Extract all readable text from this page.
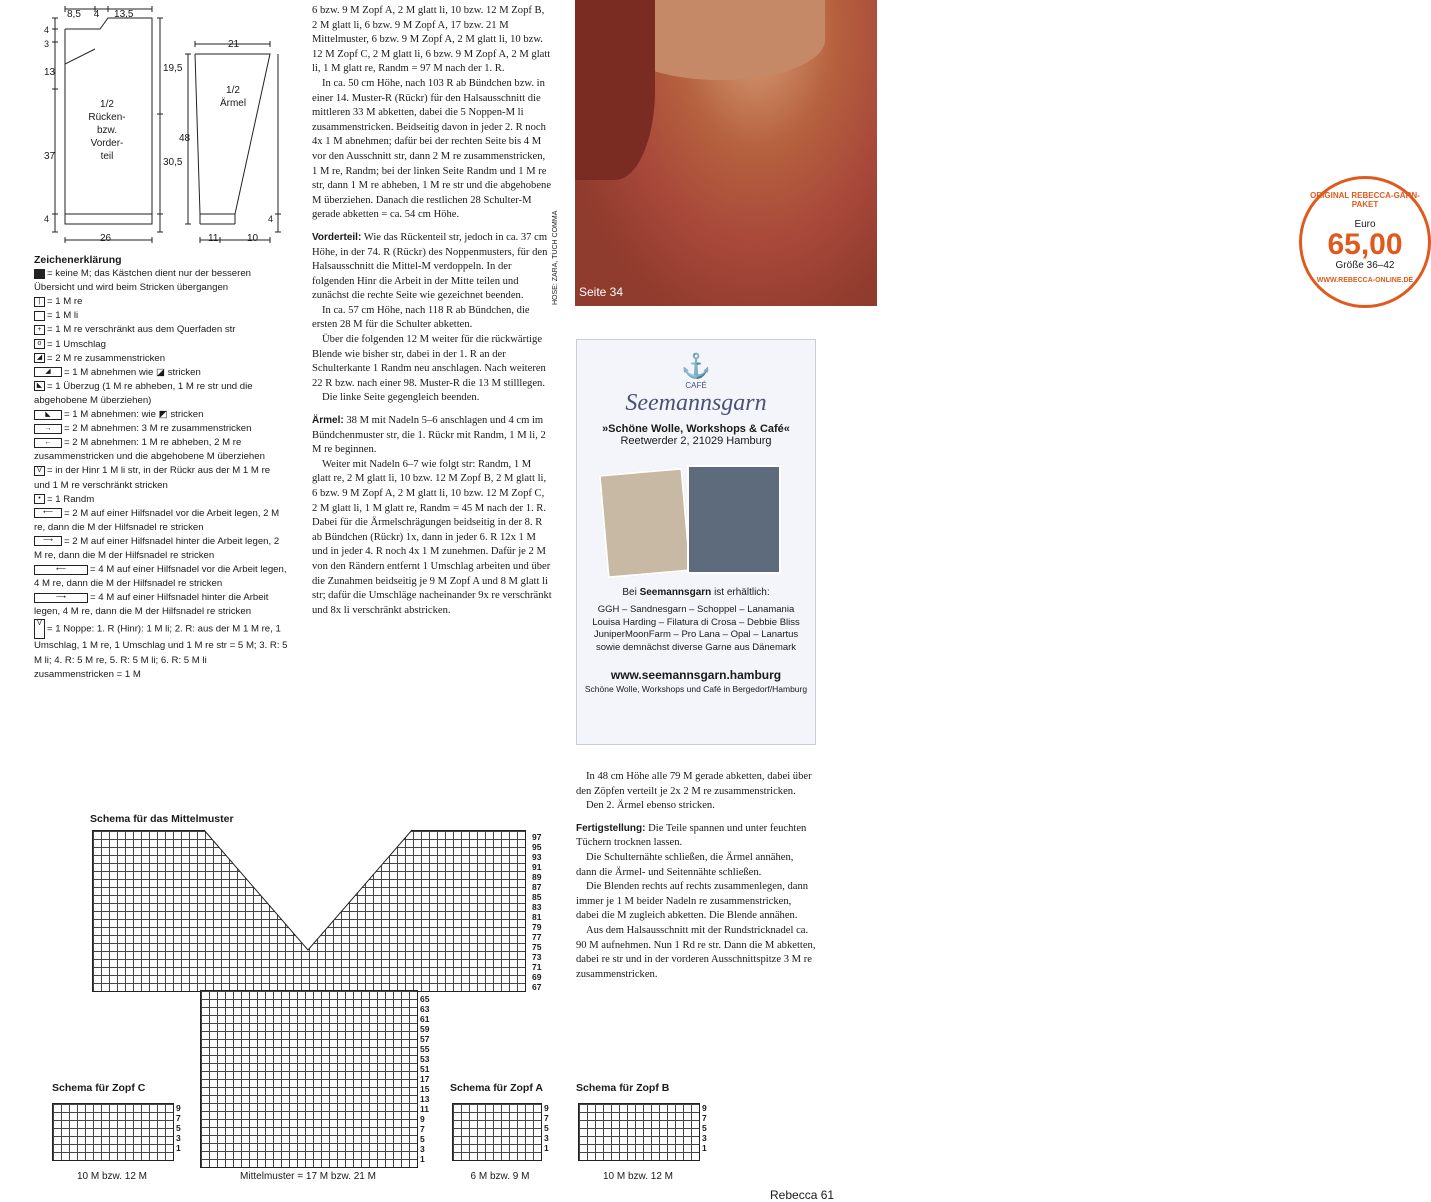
8,5 4 13,5
4
3
13
37
4
19,5
30,5
26
1/2
Rücken-
bzw.
Vorder-
teil
21
48
4
11	10
1/2
Ärmel
Zeichenerklärung
= keine M; das Kästchen dient nur der besseren Übersicht und wird beim Stricken übergangen
| = 1 M re
= 1 M li
+ = 1 M re verschränkt aus dem Querfaden str
o = 1 Umschlag
◢ = 2 M re zusammenstricken
◢ = 1 M abnehmen wie ◪ stricken
◣ = 1 Überzug (1 M re abheben, 1 M re str und die abgehobene M überziehen)
◣ = 1 M abnehmen: wie ◩ stricken
→ = 2 M abnehmen: 3 M re zusammenstricken
← = 2 M abnehmen: 1 M re abheben, 2 M re zusammenstricken und die abgehobene M überziehen
V = in der Hinr 1 M li str, in der Rückr aus der M 1 M re und 1 M re verschränkt stricken
• = 1 Randm
⟵ = 2 M auf einer Hilfsnadel vor die Arbeit legen, 2 M re, dann die M der Hilfsnadel re stricken
⟶ = 2 M auf einer Hilfsnadel hinter die Arbeit legen, 2 M re, dann die M der Hilfsnadel re stricken
⟵ = 4 M auf einer Hilfsnadel vor die Arbeit legen, 4 M re, dann die M der Hilfsnadel re stricken
⟶ = 4 M auf einer Hilfsnadel hinter die Arbeit legen, 4 M re, dann die M der Hilfsnadel re stricken
V= 1 Noppe: 1. R (Hinr): 1 M li; 2. R: aus der M 1 M re, 1 Umschlag, 1 M re, 1 Umschlag und 1 M re str = 5 M; 3. R: 5 M li; 4. R: 5 M re, 5. R: 5 M li; 6. R: 5 M li zusammenstricken = 1 M

6 bzw. 9 M Zopf A, 2 M glatt li, 10 bzw. 12 M Zopf B, 2 M glatt li, 6 bzw. 9 M Zopf A, 17 bzw. 21 M Mittelmuster, 6 bzw. 9 M Zopf A, 2 M glatt li, 10 bzw. 12 M Zopf C, 2 M glatt li, 6 bzw. 9 M Zopf A, 2 M glatt li, 1 M glatt re, Randm = 97 M nach der 1. R.

In ca. 50 cm Höhe, nach 103 R ab Bündchen bzw. in einer 14. Muster-R (Rückr) für den Halsausschnitt die mittleren 33 M abketten, dabei die 5 Noppen-M li zusammenstricken. Beidseitig davon in jeder 2. R noch 4x 1 M abnehmen; dafür bei der rechten Seite bis 4 M vor den Ausschnitt str, dann 2 M re zusammenstricken, 1 M re, Randm; bei der linken Seite Randm und 1 M re str, dann 1 M re abheben, 1 M re str und die abgehobene M überziehen. Danach die restlichen 28 Schulter-M gerade abketten = ca. 54 cm Höhe.

Vorderteil: Wie das Rückenteil str, jedoch in ca. 37 cm Höhe, in der 74. R (Rückr) des Noppenmusters, für den Halsausschnitt die Mittel-M verdoppeln. In der folgenden Hinr die Arbeit in der Mitte teilen und zunächst die rechte Seite wie gezeichnet beenden.

In ca. 57 cm Höhe, nach 118 R ab Bündchen, die ersten 28 M für die Schulter abketten.

Über die folgenden 12 M weiter für die rückwärtige Blende wie bisher str, dabei in der 1. R an der Schulterkante 1 Randm neu anschlagen. Nach weiteren 22 R bzw. nach einer 98. Muster-R die 13 M stilllegen.

Die linke Seite gegengleich beenden.

Ärmel: 38 M mit Nadeln 5–6 anschlagen und 4 cm im Bündchenmuster str, die 1. Rückr mit Randm, 1 M li, 2 M re beginnen.

Weiter mit Nadeln 6–7 wie folgt str: Randm, 1 M glatt re, 2 M glatt li, 10 bzw. 12 M Zopf B, 2 M glatt li, 6 bzw. 9 M Zopf A, 2 M glatt li, 10 bzw. 12 M Zopf C, 2 M glatt li, 1 M glatt re, Randm = 45 M nach der 1. R. Dabei für die Ärmelschrägungen beidseitig in der 8. R ab Bündchen (Rückr) 1x, dann in jeder 6. R 12x 1 M und in jeder 4. R noch 4x 1 M zunehmen. Dafür je 2 M von den Rändern entfernt 1 Umschlag arbeiten und über die Zunahmen beidseitig je 9 M Zopf A und 8 M glatt li str; dafür die Umschläge nacheinander 9x re verschränkt und 8x li verschränkt abstricken.

Seite 34
ORIGINAL REBECCA-GARN-PAKET
Euro
65,00
Größe 36–42
WWW.REBECCA-ONLINE.DE
HOSE: ZARA, TUCH COMMA
⚓
CAFÉ
Seemannsgarn
»Schöne Wolle, Workshops & Café«
Reetwerder 2, 21029 Hamburg
Bei Seemannsgarn ist erhältlich:
GGH – Sandnesgarn – Schoppel – Lanamania
Louisa Harding – Filatura di Crosa – Debbie Bliss
JuniperMoonFarm – Pro Lana – Opal – Lanartus
sowie demnächst diverse Garne aus Dänemark
www.seemannsgarn.hamburg
Schöne Wolle, Workshops und Café in Bergedorf/Hamburg

In 48 cm Höhe alle 79 M gerade abketten, dabei über den Zöpfen verteilt je 2x 2 M re zusammenstricken.

Den 2. Ärmel ebenso stricken.

Fertigstellung: Die Teile spannen und unter feuchten Tüchern trocknen lassen.

Die Schulternähte schließen, die Ärmel annähen, dann die Ärmel- und Seitennähte schließen.

Die Blenden rechts auf rechts zusammenlegen, dann immer je 1 M beider Nadeln re zusammenstricken, dabei die M zugleich abketten. Die Blende annähen.

Aus dem Halsausschnitt mit der Rundstricknadel ca. 90 M aufnehmen. Nun 1 Rd re str. Dann die M abketten, dabei re str und in der vorderen Ausschnittspitze 3 M re zusammenstricken.

Schema für das Mittelmuster
97
95
93
91
89
87
85
83
81
79
77
75
73
71
69
67
65
63
61
59
57
55
53
51
17
15
13
11
9
7
5
3
1
Mittelmuster = 17 M bzw. 21 M
Schema für Zopf C
9
7
5
3
1
10 M bzw. 12 M
Schema für Zopf A
9
7
5
3
1
6 M bzw. 9 M
Schema für Zopf B
9
7
5
3
1
10 M bzw. 12 M
Rebecca 61
